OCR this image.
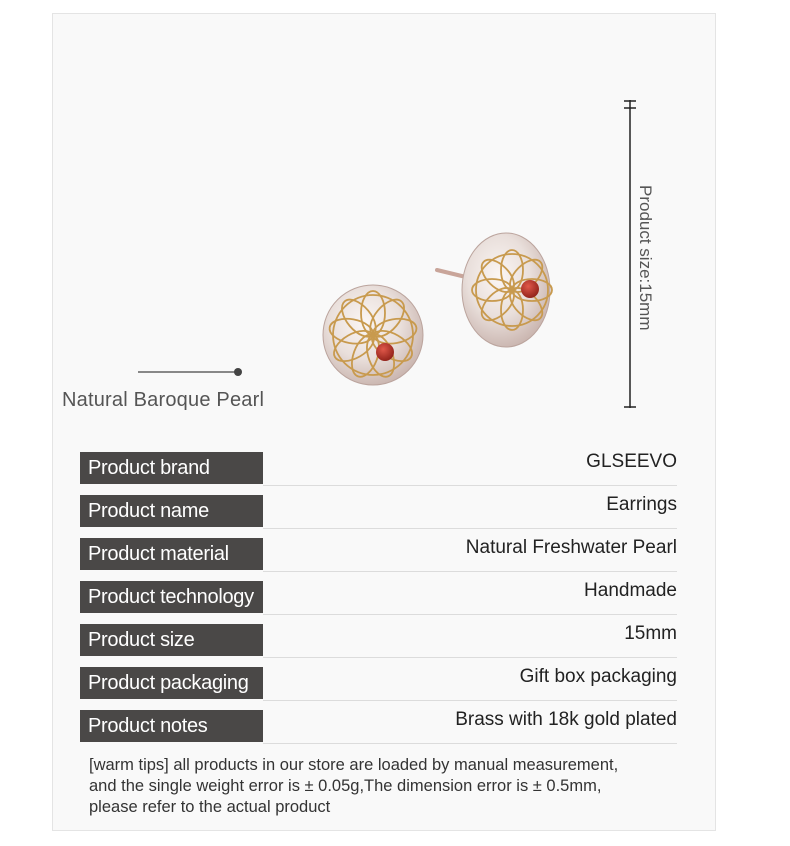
Natural Baroque Pearl
Product size:15mm
Product brand	GLSEEVO
Product name	Earrings
Product material	Natural Freshwater Pearl
Product technology	Handmade
Product size	15mm
Product packaging	Gift box packaging
Product notes	Brass with 18k gold plated
[warm tips] all products in our store are loaded by manual measurement,
and the single weight error is ± 0.05g,The dimension error is ± 0.5mm,
please refer to the actual product
